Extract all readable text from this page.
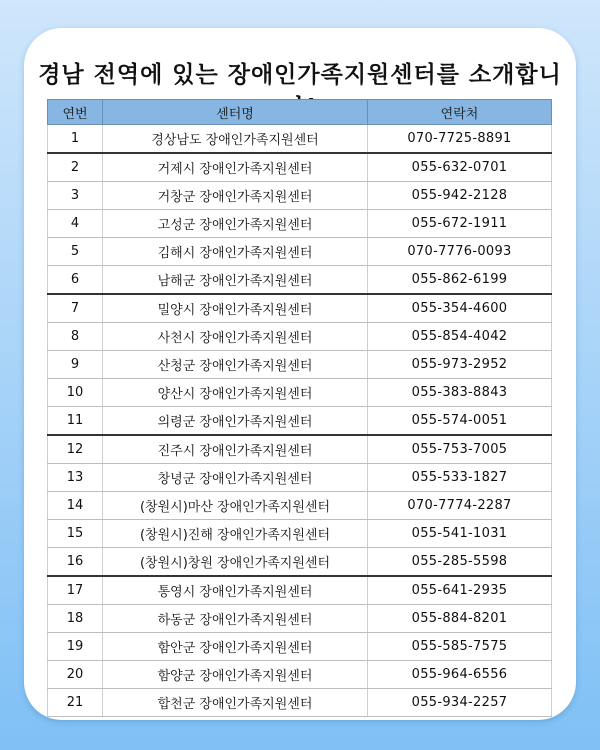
경남 전역에 있는 장애인가족지원센터를 소개합니
연번	센터명	연락처
1	경상남도 장애인가족지원센터	070-7725-8891
2	거제시 장애인가족지원센터	055-632-0701
3	거창군 장애인가족지원센터	055-942-2128
4	고성군 장애인가족지원센터	055-672-1911
5	김해시 장애인가족지원센터	070-7776-0093
6	남해군 장애인가족지원센터	055-862-6199
7	밀양시 장애인가족지원센터	055-354-4600
8	사천시 장애인가족지원센터	055-854-4042
9	산청군 장애인가족지원센터	055-973-2952
10	양산시 장애인가족지원센터	055-383-8843
11	의령군 장애인가족지원센터	055-574-0051
12	진주시 장애인가족지원센터	055-753-7005
13	창녕군 장애인가족지원센터	055-533-1827
14	(창원시)마산 장애인가족지원센터	070-7774-2287
15	(창원시)진해 장애인가족지원센터	055-541-1031
16	(창원시)창원 장애인가족지원센터	055-285-5598
17	통영시 장애인가족지원센터	055-641-2935
18	하동군 장애인가족지원센터	055-884-8201
19	함안군 장애인가족지원센터	055-585-7575
20	함양군 장애인가족지원센터	055-964-6556
21	합천군 장애인가족지원센터	055-934-2257
